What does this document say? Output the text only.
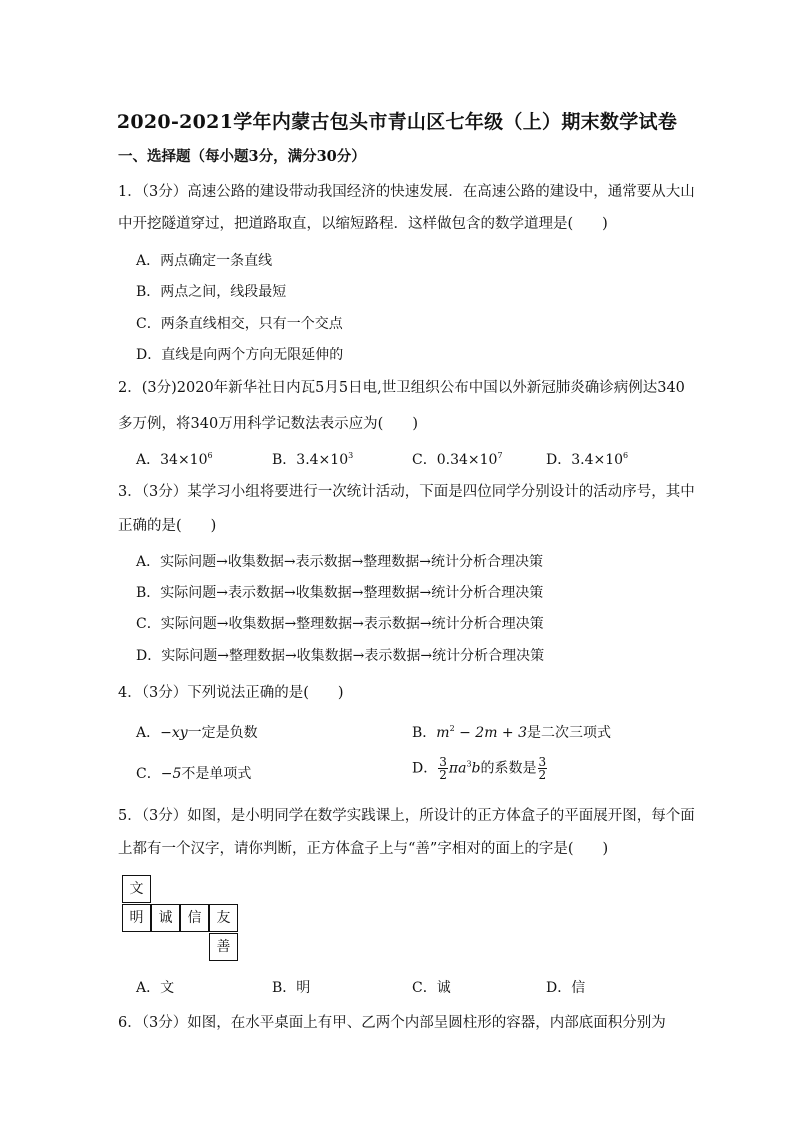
2020-2021学年内蒙古包头市青山区七年级（上）期末数学试卷
一、选择题（每小题3分，满分30分）
1．（3分）高速公路的建设带动我国经济的快速发展．在高速公路的建设中，通常要从大山
中开挖隧道穿过，把道路取直，以缩短路程．这样做包含的数学道理是(　　)
A．两点确定一条直线
B．两点之间，线段最短
C．两条直线相交，只有一个交点
D．直线是向两个方向无限延伸的
2．(3分)2020年新华社日内瓦5月5日电,世卫组织公布中国以外新冠肺炎确诊病例达340
多万例，将340万用科学记数法表示应为(　　)
A．$34\times 10^6$	B．$3.4\times 10^3$	C．$0.34\times 10^7$	D．$3.4\times 10^6$
3．（3分）某学习小组将要进行一次统计活动，下面是四位同学分别设计的活动序号，其中
正确的是(　　)
A．实际问题→收集数据→表示数据→整理数据→统计分析合理决策
B．实际问题→表示数据→收集数据→整理数据→统计分析合理决策
C．实际问题→收集数据→整理数据→表示数据→统计分析合理决策
D．实际问题→整理数据→收集数据→表示数据→统计分析合理决策
4．（3分）下列说法正确的是(　　)
A．−xy一定是负数	B．$m^2 - 2m + 3$是二次三项式
C．−5不是单项式	D． $\frac{3}{2} \pi a^3b$的系数是 $\frac{3}{2}$
5．（3分）如图，是小明同学在数学实践课上，所设计的正方体盒子的平面展开图，每个面
上都有一个汉字，请你判断，正方体盒子上与“善”字相对的面上的字是(　　)
文
明	诚	信	友
善
A．文	B．明	C．诚	D．信
6．（3分）如图，在水平桌面上有甲、乙两个内部呈圆柱形的容器，内部底面积分别为
